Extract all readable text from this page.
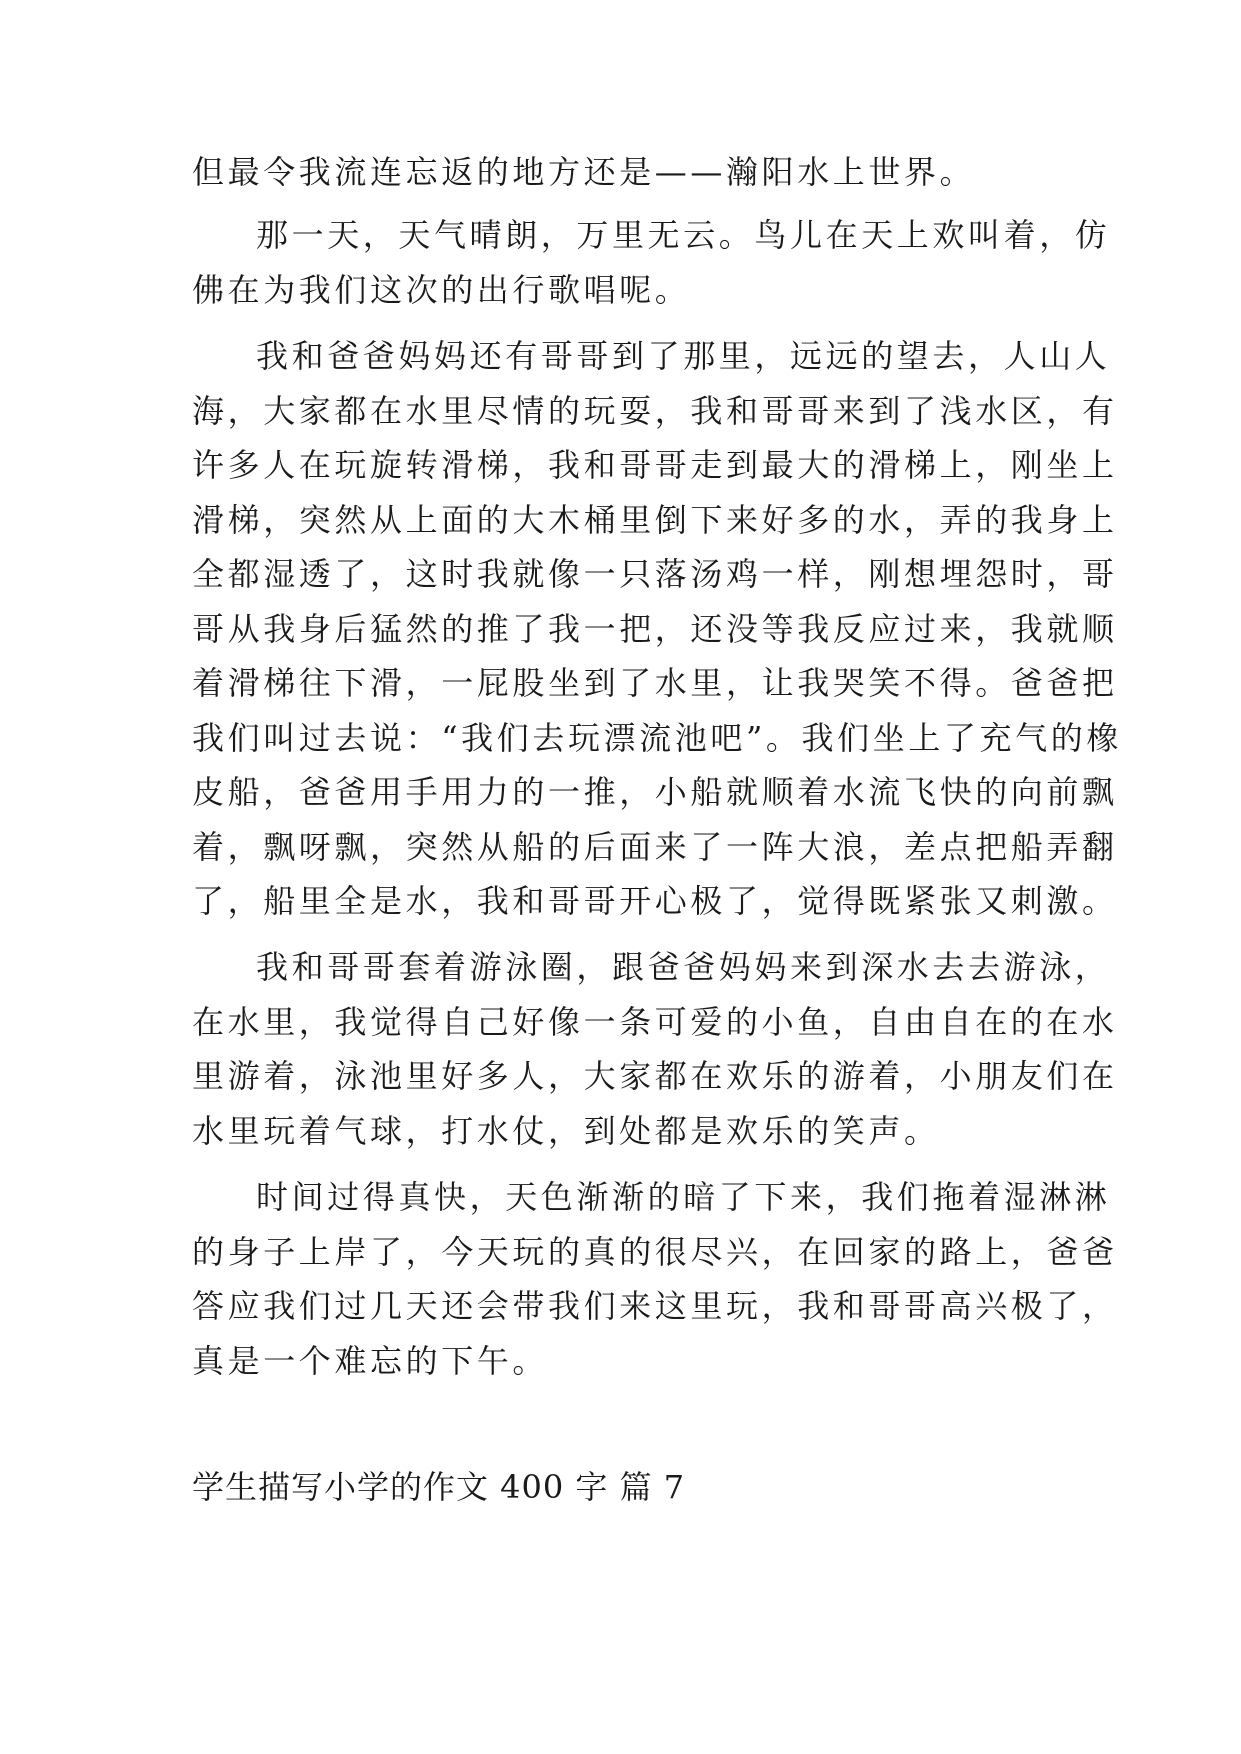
但最令我流连忘返的地方还是——瀚阳水上世界。
那一天，天气晴朗，万里无云。鸟儿在天上欢叫着，仿
佛在为我们这次的出行歌唱呢。
我和爸爸妈妈还有哥哥到了那里，远远的望去，人山人
海，大家都在水里尽情的玩耍，我和哥哥来到了浅水区，有
许多人在玩旋转滑梯，我和哥哥走到最大的滑梯上，刚坐上
滑梯，突然从上面的大木桶里倒下来好多的水，弄的我身上
全都湿透了，这时我就像一只落汤鸡一样，刚想埋怨时，哥
哥从我身后猛然的推了我一把，还没等我反应过来，我就顺
着滑梯往下滑，一屁股坐到了水里，让我哭笑不得。爸爸把
我们叫过去说：“我们去玩漂流池吧”。我们坐上了充气的橡
皮船，爸爸用手用力的一推，小船就顺着水流飞快的向前飘
着，飘呀飘，突然从船的后面来了一阵大浪，差点把船弄翻
了，船里全是水，我和哥哥开心极了，觉得既紧张又刺激。
我和哥哥套着游泳圈，跟爸爸妈妈来到深水去去游泳，
在水里，我觉得自己好像一条可爱的小鱼，自由自在的在水
里游着，泳池里好多人，大家都在欢乐的游着，小朋友们在
水里玩着气球，打水仗，到处都是欢乐的笑声。
时间过得真快，天色渐渐的暗了下来，我们拖着湿淋淋
的身子上岸了，今天玩的真的很尽兴，在回家的路上，爸爸
答应我们过几天还会带我们来这里玩，我和哥哥高兴极了，
真是一个难忘的下午。
学生描写小学的作文 400 字 篇 7
